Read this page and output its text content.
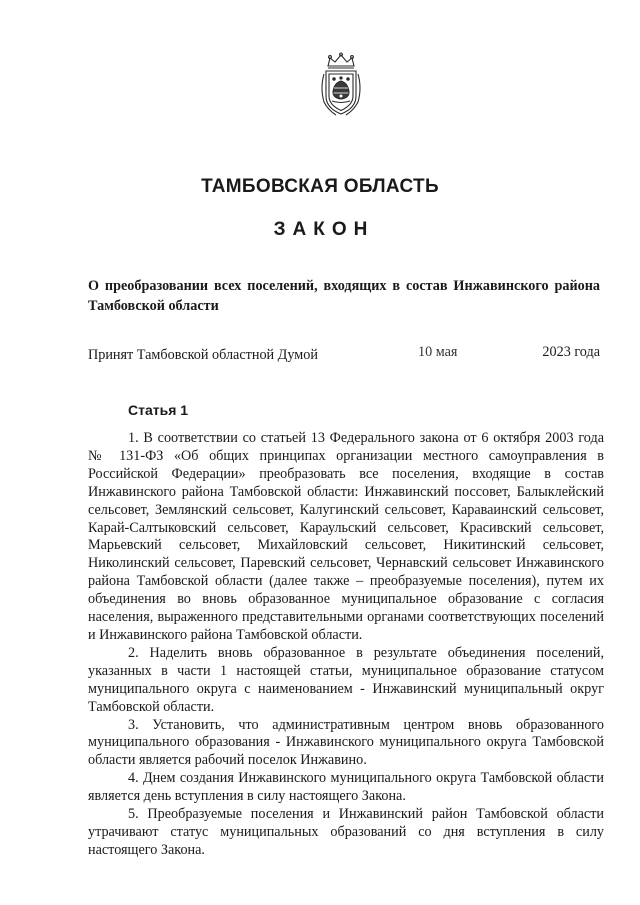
ТАМБОВСКАЯ ОБЛАСТЬ
ЗАКОН
О преобразовании всех поселений, входящих в состав Инжавинского района Тамбовской области
Принят Тамбовской областной Думой	10 мая	2023 года
Статья 1

1. В соответствии со статьей 13 Федерального закона от 6 октября 2003 года № 131-ФЗ «Об общих принципах организации местного самоуправления в Российской Федерации» преобразовать все поселения, входящие в состав Инжавинского района Тамбовской области: Инжавинский поссовет, Балыклейский сельсовет, Землянский сельсовет, Калугинский сельсовет, Караваинский сельсовет, Карай-Салтыковский сельсовет, Караульский сельсовет, Красивский сельсовет, Марьевский сельсовет, Михайловский сельсовет, Никитинский сельсовет, Николинский сельсовет, Паревский сельсовет, Чернавский сельсовет Инжавинского района Тамбовской области (далее также – преобразуемые поселения), путем их объединения во вновь образованное муниципальное образование с согласия населения, выраженного представительными органами соответствующих поселений и Инжавинского района Тамбовской области.

2. Наделить вновь образованное в результате объединения поселений, указанных в части 1 настоящей статьи, муниципальное образование статусом муниципального округа с наименованием - Инжавинский муниципальный округ Тамбовской области.

3. Установить, что административным центром вновь образованного муниципального образования - Инжавинского муниципального округа Тамбовской области является рабочий поселок Инжавино.

4. Днем создания Инжавинского муниципального округа Тамбовской области является день вступления в силу настоящего Закона.

5. Преобразуемые поселения и Инжавинский район Тамбовской области утрачивают статус муниципальных образований со дня вступления в силу настоящего Закона.
